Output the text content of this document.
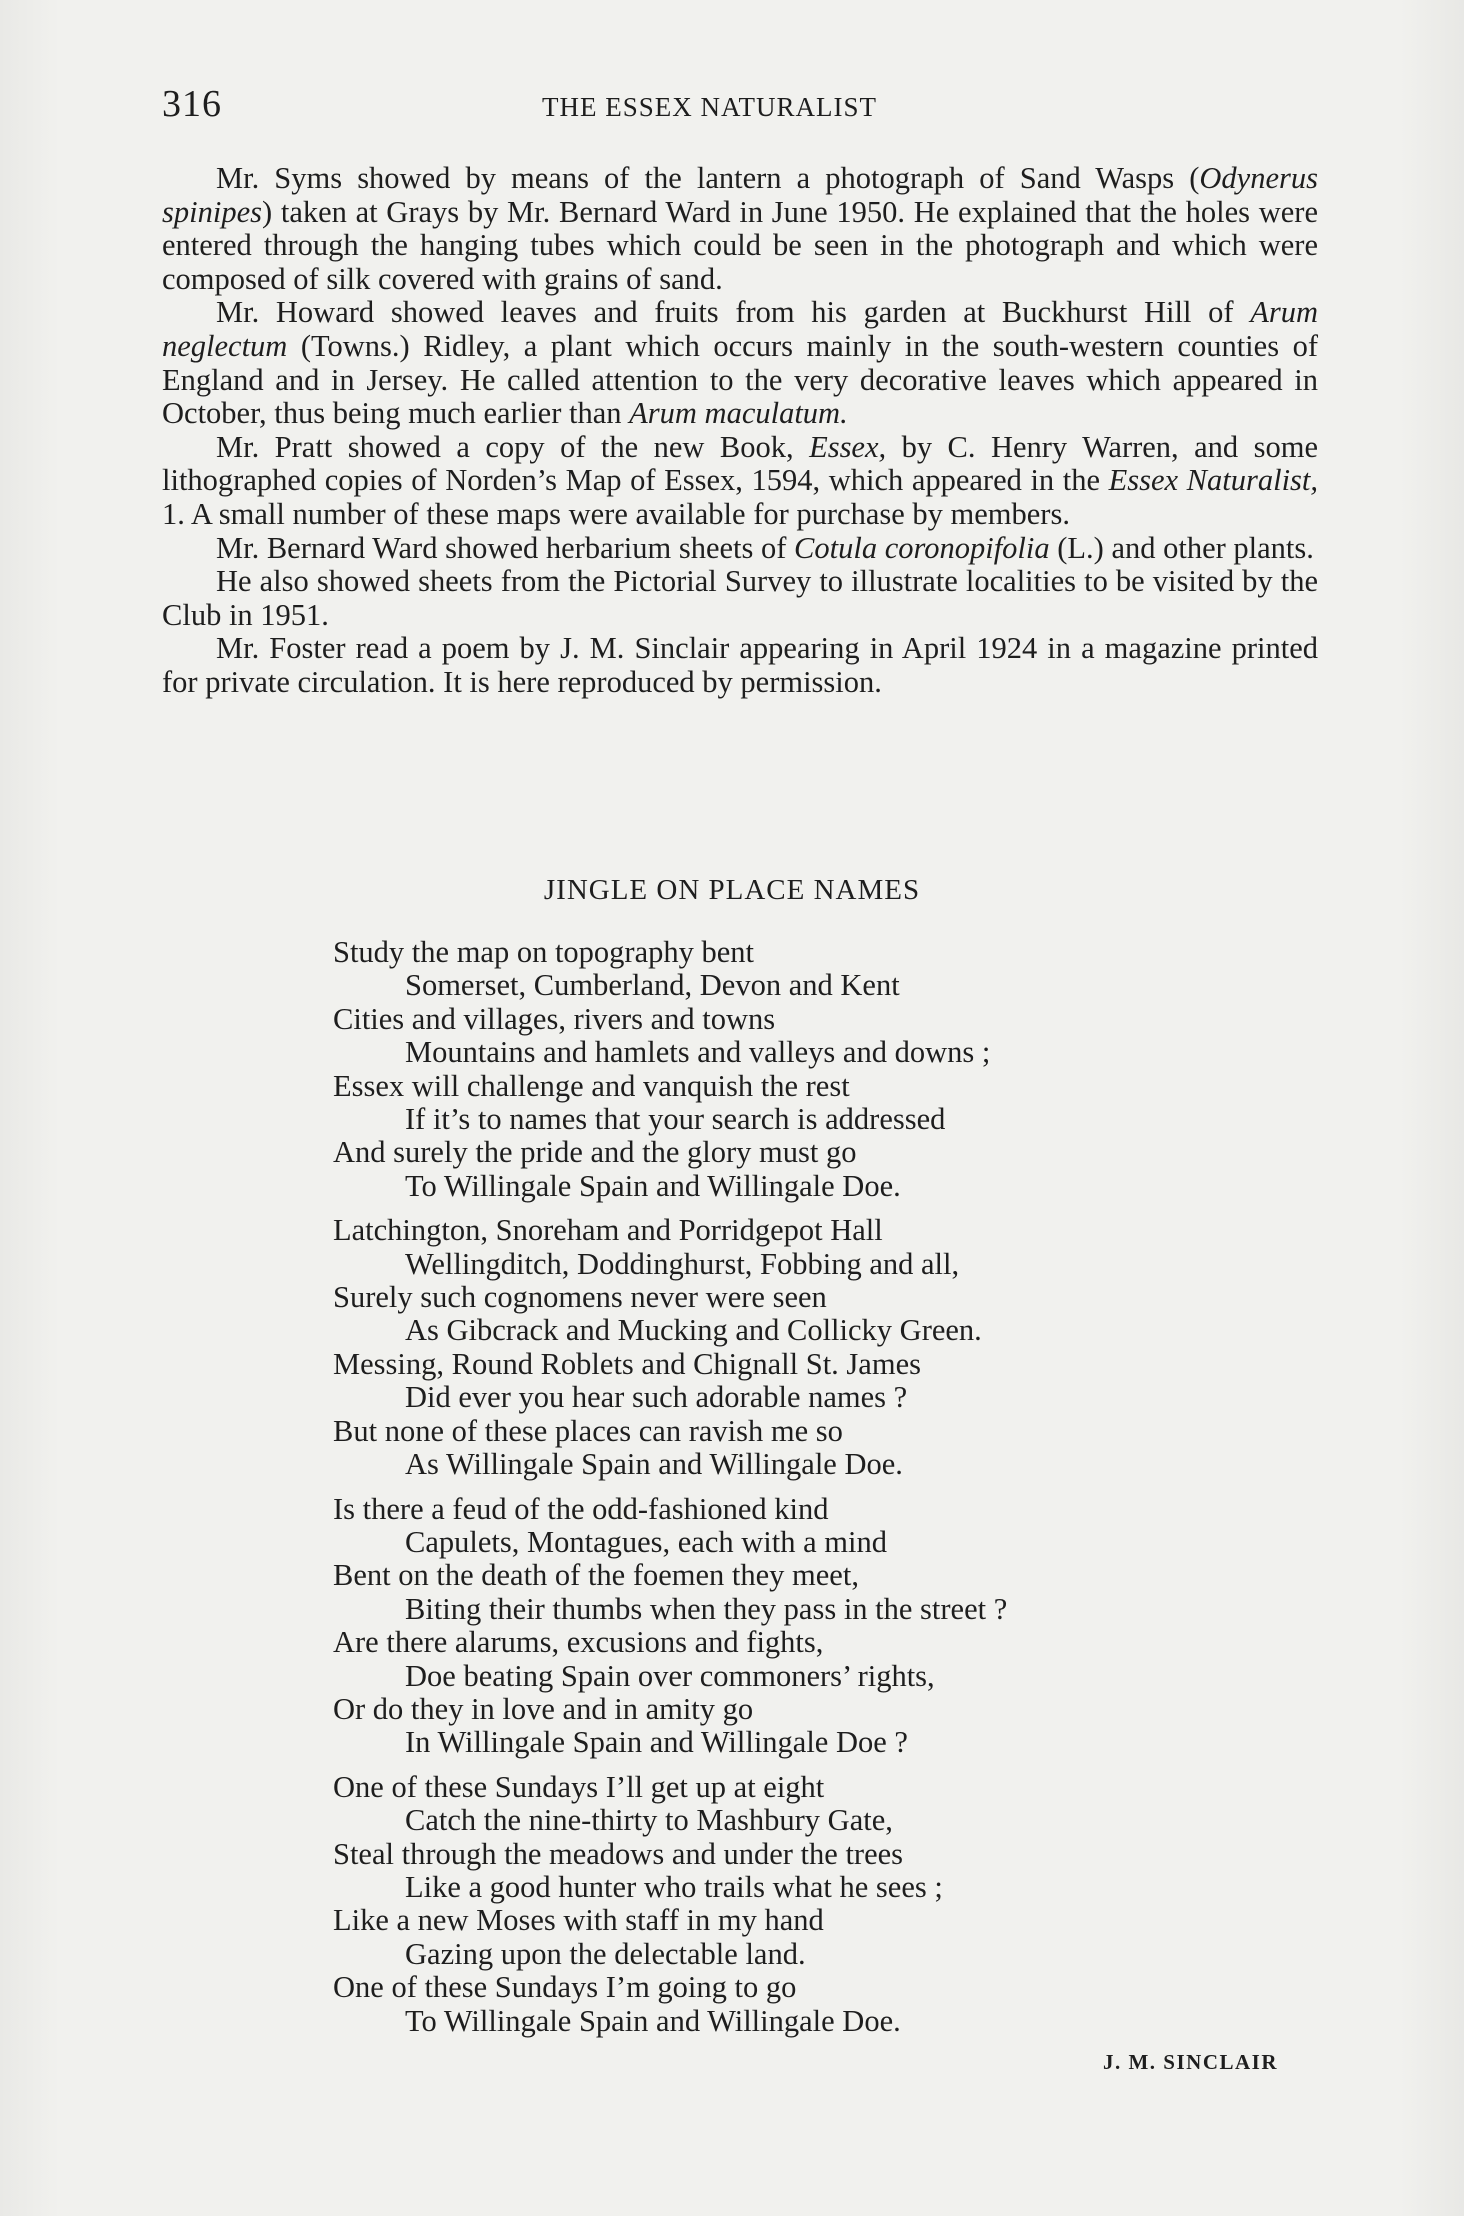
316	THE ESSEX NATURALIST

Mr. Syms showed by means of the lantern a photograph of Sand Wasps (Odynerus spinipes) taken at Grays by Mr. Bernard Ward in June 1950. He explained that the holes were entered through the hanging tubes which could be seen in the photograph and which were composed of silk covered with grains of sand.

Mr. Howard showed leaves and fruits from his garden at Buckhurst Hill of Arum neglectum (Towns.) Ridley, a plant which occurs mainly in the south-western counties of England and in Jersey. He called attention to the very decorative leaves which appeared in October, thus being much earlier than Arum maculatum.

Mr. Pratt showed a copy of the new Book, Essex, by C. Henry Warren, and some lithographed copies of Norden’s Map of Essex, 1594, which appeared in the Essex Naturalist, 1. A small number of these maps were available for purchase by members.

Mr. Bernard Ward showed herbarium sheets of Cotula coronopifolia (L.) and other plants.

He also showed sheets from the Pictorial Survey to illustrate localities to be visited by the Club in 1951.

Mr. Foster read a poem by J. M. Sinclair appearing in April 1924 in a magazine printed for private circulation. It is here reproduced by permission.

JINGLE ON PLACE NAMES
Study the map on topography bent
Somerset, Cumberland, Devon and Kent
Cities and villages, rivers and towns
Mountains and hamlets and valleys and downs ;
Essex will challenge and vanquish the rest
If it’s to names that your search is addressed
And surely the pride and the glory must go
To Willingale Spain and Willingale Doe.
Latchington, Snoreham and Porridgepot Hall
Wellingditch, Doddinghurst, Fobbing and all,
Surely such cognomens never were seen
As Gibcrack and Mucking and Collicky Green.
Messing, Round Roblets and Chignall St. James
Did ever you hear such adorable names ?
But none of these places can ravish me so
As Willingale Spain and Willingale Doe.
Is there a feud of the odd-fashioned kind
Capulets, Montagues, each with a mind
Bent on the death of the foemen they meet,
Biting their thumbs when they pass in the street ?
Are there alarums, excusions and fights,
Doe beating Spain over commoners’ rights,
Or do they in love and in amity go
In Willingale Spain and Willingale Doe ?
One of these Sundays I’ll get up at eight
Catch the nine-thirty to Mashbury Gate,
Steal through the meadows and under the trees
Like a good hunter who trails what he sees ;
Like a new Moses with staff in my hand
Gazing upon the delectable land.
One of these Sundays I’m going to go
To Willingale Spain and Willingale Doe.
J. M. SINCLAIR
